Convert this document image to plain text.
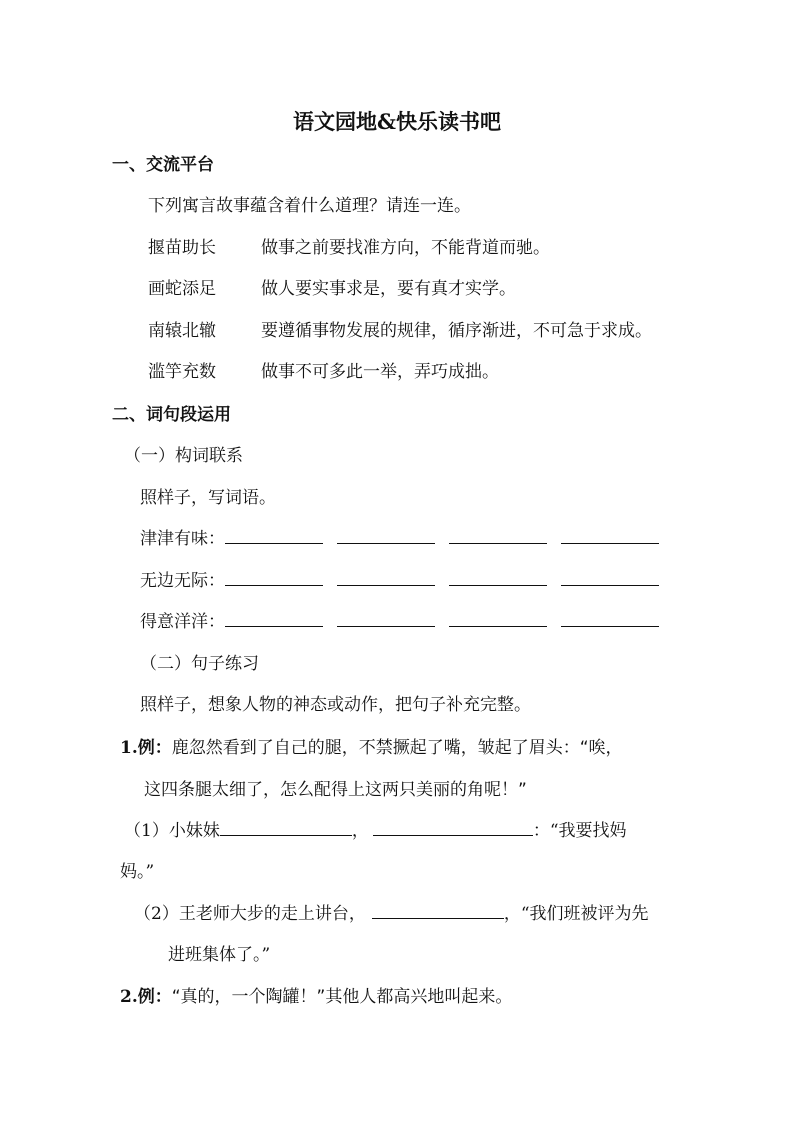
语文园地&快乐读书吧
一、交流平台
下列寓言故事蕴含着什么道理？请连一连。
揠苗助长	做事之前要找准方向，不能背道而驰。
画蛇添足	做人要实事求是，要有真才实学。
南辕北辙	要遵循事物发展的规律，循序渐进，不可急于求成。
滥竽充数	做事不可多此一举，弄巧成拙。
二、词句段运用
（一）构词联系
照样子，写词语。
津津有味：
无边无际：
得意洋洋：
（二）句子练习
照样子，想象人物的神态或动作，把句子补充完整。
1.例：鹿忽然看到了自己的腿，不禁撅起了嘴，皱起了眉头：“唉，
这四条腿太细了，怎么配得上这两只美丽的角呢！”
（1）小妹妹	，	：“我要找妈
妈。”
（2）王老师大步的走上讲台，	，“我们班被评为先
进班集体了。”
2.例：“真的，一个陶罐！”其他人都高兴地叫起来。
